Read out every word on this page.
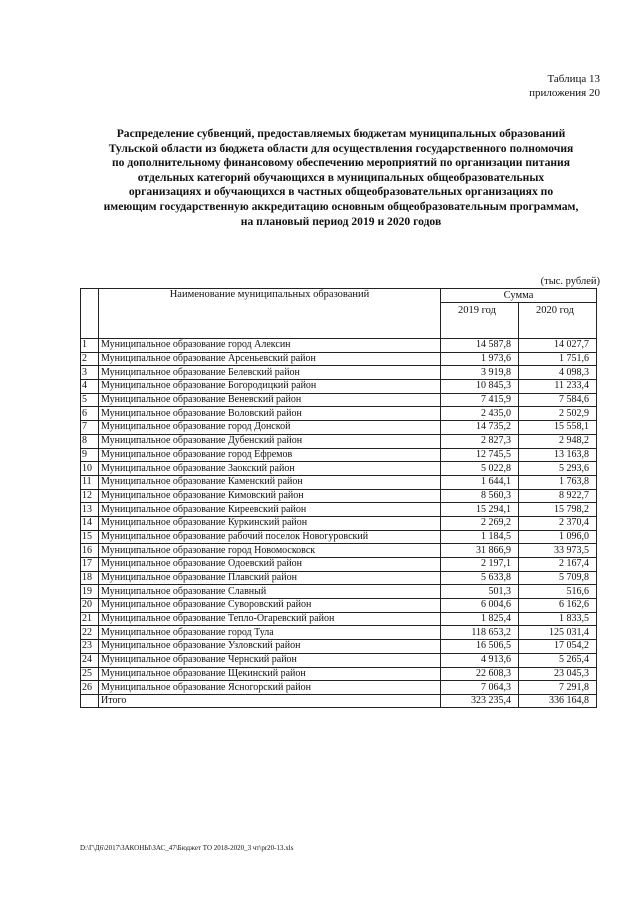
Таблица 13
приложения 20
Распределение субвенций, предоставляемых бюджетам муниципальных образований
Тульской области из бюджета области для осуществления государственного полномочия
по дополнительному финансовому обеспечению мероприятий по организации питания
отдельных категорий обучающихся в муниципальных общеобразовательных
организациях и обучающихся в частных общеобразовательных организациях по
имеющим государственную аккредитацию основным общеобразовательным программам,
на плановый период 2019 и 2020 годов
(тыс. рублей)
	Наименование муниципальных образований	Сумма	
		2019 год	2020 год
1	Муниципальное образование город Алексин	14 587,8	14 027,7
2	Муниципальное образование Арсеньевский район	1 973,6	1 751,6
3	Муниципальное образование Белевский район	3 919,8	4 098,3
4	Муниципальное образование Богородицкий район	10 845,3	11 233,4
5	Муниципальное образование Веневский район	7 415,9	7 584,6
6	Муниципальное образование Воловский район	2 435,0	2 502,9
7	Муниципальное образование город Донской	14 735,2	15 558,1
8	Муниципальное образование Дубенский район	2 827,3	2 948,2
9	Муниципальное образование город Ефремов	12 745,5	13 163,8
10	Муниципальное образование Заокский район	5 022,8	5 293,6
11	Муниципальное образование Каменский район	1 644,1	1 763,8
12	Муниципальное образование Кимовский район	8 560,3	8 922,7
13	Муниципальное образование Киреевский район	15 294,1	15 798,2
14	Муниципальное образование Куркинский район	2 269,2	2 370,4
15	Муниципальное образование рабочий поселок Новогуровский	1 184,5	1 096,0
16	Муниципальное образование город Новомосковск	31 866,9	33 973,5
17	Муниципальное образование Одоевский район	2 197,1	2 167,4
18	Муниципальное образование Плавский район	5 633,8	5 709,8
19	Муниципальное образование Славный	501,3	516,6
20	Муниципальное образование Суворовский район	6 004,6	6 162,6
21	Муниципальное образование Тепло-Огаревский район	1 825,4	1 833,5
22	Муниципальное образование город Тула	118 653,2	125 031,4
23	Муниципальное образование Узловский район	16 506,5	17 054,2
24	Муниципальное образование Чернский район	4 913,6	5 265,4
25	Муниципальное образование Щекинский район	22 608,3	23 045,3
26	Муниципальное образование Ясногорский район	7 064,3	7 291,8
	Итого	323 235,4	336 164,8
D:\Г\Д6\2017\ЗАКОНЫ\ЗАС_47\Бюджет ТО 2018-2020_3 чт\pr20-13.xls
